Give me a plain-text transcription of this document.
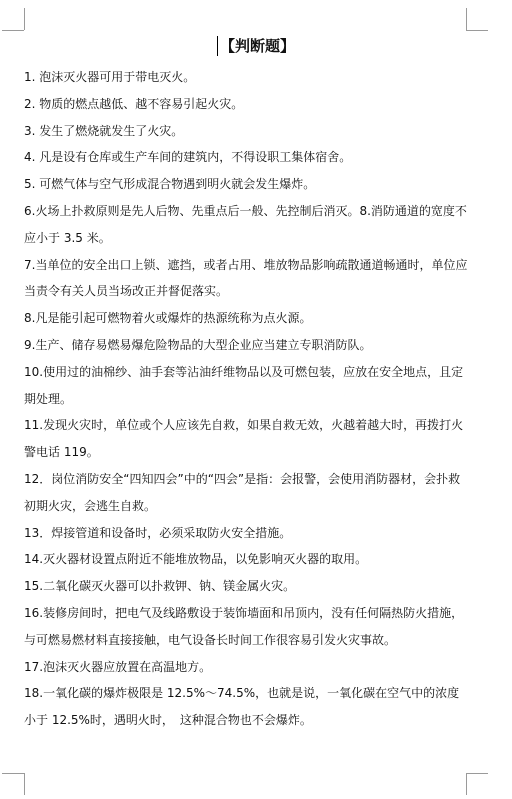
【判断题】

1. 泡沫灭火器可用于带电灭火。

2. 物质的燃点越低、越不容易引起火灾。

3. 发生了燃烧就发生了火灾。

4. 凡是设有仓库或生产车间的建筑内，不得设职工集体宿舍。

5. 可燃气体与空气形成混合物遇到明火就会发生爆炸。

6.火场上扑救原则是先人后物、先重点后一般、先控制后消灭。8.消防通道的宽度不应小于 3.5 米。

7.当单位的安全出口上锁、遮挡，或者占用、堆放物品影响疏散通道畅通时，单位应当责令有关人员当场改正并督促落实。

8.凡是能引起可燃物着火或爆炸的热源统称为点火源。

9.生产、储存易燃易爆危险物品的大型企业应当建立专职消防队。

10.使用过的油棉纱、油手套等沾油纤维物品以及可燃包装，应放在安全地点，且定期处理。

11.发现火灾时，单位或个人应该先自救，如果自救无效，火越着越大时，再拨打火警电话 119。

12．岗位消防安全“四知四会”中的“四会”是指：会报警，会使用消防器材，会扑救初期火灾，会逃生自救。

13．焊接管道和设备时，必须采取防火安全措施。

14.灭火器材设置点附近不能堆放物品，以免影响灭火器的取用。

15.二氧化碳灭火器可以扑救钾、钠、镁金属火灾。

16.装修房间时，把电气及线路敷设于装饰墙面和吊顶内，没有任何隔热防火措施，与可燃易燃材料直接接触，电气设备长时间工作很容易引发火灾事故。

17.泡沫灭火器应放置在高温地方。

18.一氧化碳的爆炸极限是 12.5%～74.5%，也就是说，一氧化碳在空气中的浓度小于 12.5%时，遇明火时，　这种混合物也不会爆炸。
